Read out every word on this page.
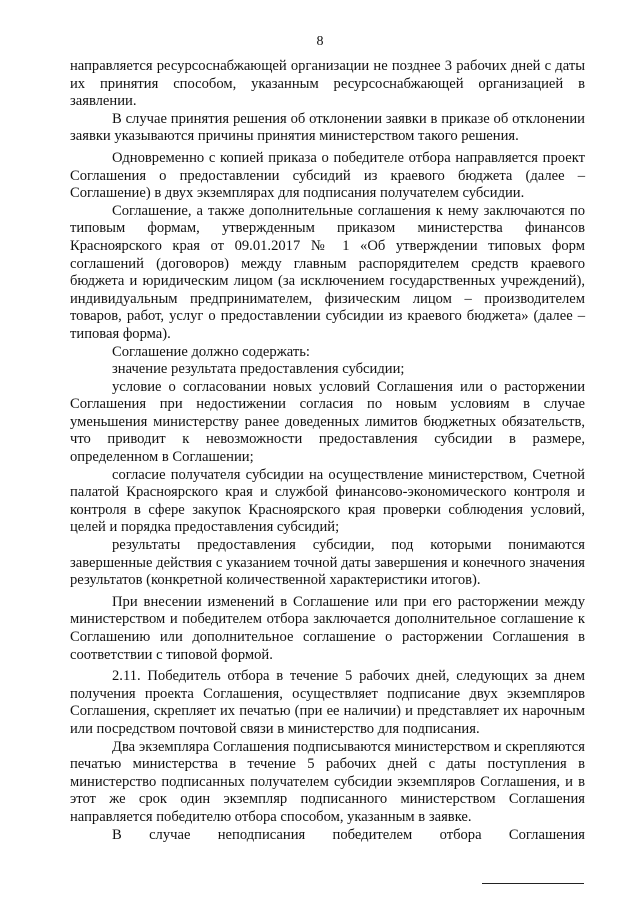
8

направляется ресурсоснабжающей организации не позднее 3 рабочих дней с даты их принятия способом, указанным ресурсоснабжающей организацией в заявлении.

В случае принятия решения об отклонении заявки в приказе об отклонении заявки указываются причины принятия министерством такого решения.

Одновременно с копией приказа о победителе отбора направляется проект Соглашения о предоставлении субсидий из краевого бюджета (далее – Соглашение) в двух экземплярах для подписания получателем субсидии.

Соглашение, а также дополнительные соглашения к нему заключаются по типовым формам, утвержденным приказом министерства финансов Красноярского края от 09.01.2017 № 1 «Об утверждении типовых форм соглашений (договоров) между главным распорядителем средств краевого бюджета и юридическим лицом (за исключением государственных учреждений), индивидуальным предпринимателем, физическим лицом – производителем товаров, работ, услуг о предоставлении субсидии из краевого бюджета» (далее – типовая форма).

Соглашение должно содержать:

значение результата предоставления субсидии;

условие о согласовании новых условий Соглашения или о расторжении Соглашения при недостижении согласия по новым условиям в случае уменьшения министерству ранее доведенных лимитов бюджетных обязательств, что приводит к невозможности предоставления субсидии в размере, определенном в Соглашении;

согласие получателя субсидии на осуществление министерством, Счетной палатой Красноярского края и службой финансово-экономического контроля и контроля в сфере закупок Красноярского края проверки соблюдения условий, целей и порядка предоставления субсидий;

результаты предоставления субсидии, под которыми понимаются завершенные действия с указанием точной даты завершения и конечного значения результатов (конкретной количественной характеристики итогов).

При внесении изменений в Соглашение или при его расторжении между министерством и победителем отбора заключается дополнительное соглашение к Соглашению или дополнительное соглашение о расторжении Соглашения в соответствии с типовой формой.

2.11. Победитель отбора в течение 5 рабочих дней, следующих за днем получения проекта Соглашения, осуществляет подписание двух экземпляров Соглашения, скрепляет их печатью (при ее наличии) и представляет их нарочным или посредством почтовой связи в министерство для подписания.

Два экземпляра Соглашения подписываются министерством и скрепляются печатью министерства в течение 5 рабочих дней с даты поступления в министерство подписанных получателем субсидии экземпляров Соглашения, и в этот же срок один экземпляр подписанного министерством Соглашения направляется победителю отбора способом, указанным в заявке.

В случае неподписания победителем отбора Соглашения
